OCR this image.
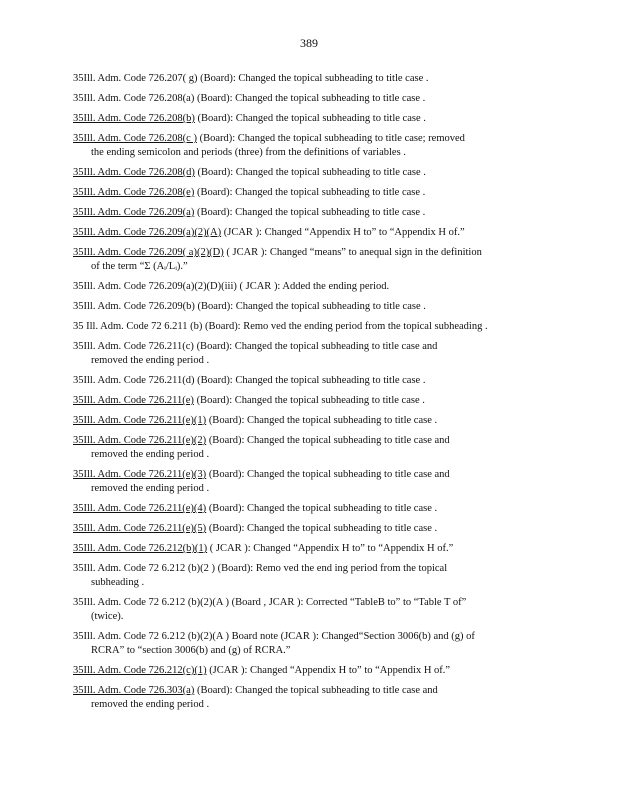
389
35Ill. Adm. Code 726.207( g) (Board): Changed the topical subheading to title case .
35Ill. Adm. Code 726.208(a) (Board): Changed the topical subheading to title case .
35Ill. Adm. Code 726.208(b) (Board): Changed the topical subheading to title case .
35Ill. Adm. Code 726.208(c ) (Board): Changed the topical subheading to title case; removed
the ending semicolon and periods (three) from the definitions of variables .
35Ill. Adm. Code 726.208(d) (Board): Changed the topical subheading to title case .
35Ill. Adm. Code 726.208(e) (Board): Changed the topical subheading to title case .
35Ill. Adm. Code 726.209(a) (Board): Changed the topical subheading to title case .
35Ill. Adm. Code 726.209(a)(2)(A) (JCAR ): Changed “Appendix H to” to “Appendix H of.”
35Ill. Adm. Code 726.209( a)(2)(D) ( JCAR ): Changed “means” to anequal sign in the definition
of the term “Σ (Aᵢ/Lᵢ).”
35Ill. Adm. Code 726.209(a)(2)(D)(iii) ( JCAR ): Added the ending period.
35Ill. Adm. Code 726.209(b) (Board): Changed the topical subheading to title case .
35 Ill. Adm. Code 72 6.211 (b) (Board): Remo ved the ending period from the topical subheading .
35Ill. Adm. Code 726.211(c) (Board): Changed the topical subheading to title case and
removed the ending period .
35Ill. Adm. Code 726.211(d) (Board): Changed the topical subheading to title case .
35Ill. Adm. Code 726.211(e) (Board): Changed the topical subheading to title case .
35Ill. Adm. Code 726.211(e)(1) (Board): Changed the topical subheading to title case .
35Ill. Adm. Code 726.211(e)(2) (Board): Changed the topical subheading to title case and
removed the ending period .
35Ill. Adm. Code 726.211(e)(3) (Board): Changed the topical subheading to title case and
removed the ending period .
35Ill. Adm. Code 726.211(e)(4) (Board): Changed the topical subheading to title case .
35Ill. Adm. Code 726.211(e)(5) (Board): Changed the topical subheading to title case .
35Ill. Adm. Code 726.212(b)(1) ( JCAR ): Changed “Appendix H to” to “Appendix H of.”
35Ill. Adm. Code 72 6.212 (b)(2 ) (Board): Remo ved the end ing period from the topical
subheading .
35Ill. Adm. Code 72 6.212 (b)(2)(A ) (Board , JCAR ): Corrected “TableB to” to “Table T of”
(twice).
35Ill. Adm. Code 72 6.212 (b)(2)(A ) Board note (JCAR ): Changed“Section 3006(b) and (g) of
RCRA” to “section 3006(b) and (g) of RCRA.”
35Ill. Adm. Code 726.212(c)(1) (JCAR ): Changed “Appendix H to” to “Appendix H of.”
35Ill. Adm. Code 726.303(a) (Board): Changed the topical subheading to title case and
removed the ending period .
